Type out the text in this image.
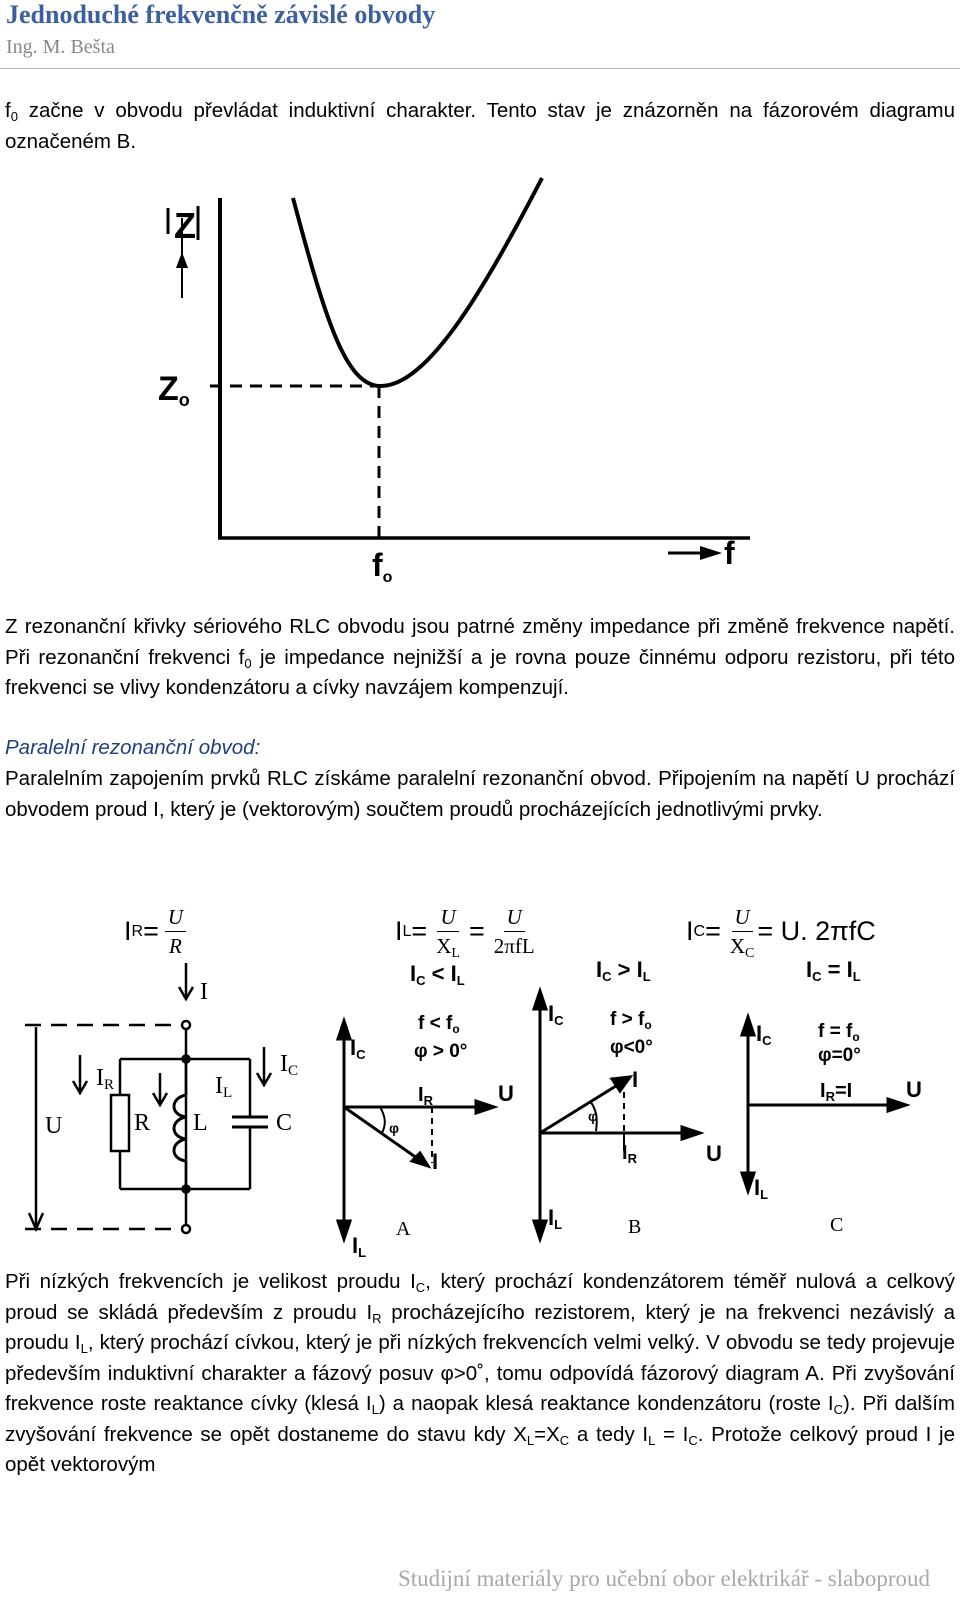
Jednoduché frekvenčně závislé obvody
Ing. M. Bešta
$f_0$ začne v obvodu převládat induktivní charakter. Tento stav je znázorněn na fázorovém diagramu označeném B.
Z
Zo
fo
f
Z rezonanční křivky sériového RLC obvodu jsou patrné změny impedance při změně frekvence napětí. Při rezonanční frekvenci $f_0$ je impedance nejnižší a je rovna pouze činnému odporu rezistoru, při této frekvenci se vlivy kondenzátoru a cívky navzájem kompenzují.
Paralelní rezonanční obvod:
Paralelním zapojením prvků RLC získáme paralelní rezonanční obvod. Připojením na napětí U prochází obvodem proud I, který je (vektorovým) součtem proudů procházejících jednotlivými prvky.
I $R = \frac{U}{R}$	I $L = \frac{U}{X_L} = \frac{U}{\text{2πfL}}$	I $C = \frac{U}{X_C} = U$. 2πfC
I
U	R L	C
IR	IL
IC
IC < IL
$f < f_o$
φ > 0°
IC
IL
$I_R$	U
I
φ
A
IC > IL
$f > f_o$
φ<0°
IC
IL
$I_R$	U
I
φ
B
IC = IL
$f = f_o$
φ=0°
IC
IL
$I_R=I$ U
C
Při nízkých frekvencích je velikost proudu $I_C$, který prochází kondenzátorem téměř nulová a celkový proud se skládá především z proudu $I_R$ procházejícího rezistorem, který je na frekvenci nezávislý a proudu $I_L$, který prochází cívkou, který je při nízkých frekvencích velmi velký. V obvodu se tedy projevuje především induktivní charakter a fázový posuv φ>0˚, tomu odpovídá fázorový diagram A. Při zvyšování frekvence roste reaktance cívky (klesá $I_L$) a naopak klesá reaktance kondenzátoru (roste $I_C$). Při dalším zvyšování frekvence se opět dostaneme do stavu kdy $X_L=X_C$ a tedy $I_L = I_C$. Protože celkový proud I je opět vektorovým
Studijní materiály pro učební obor elektrikář - slaboproud
